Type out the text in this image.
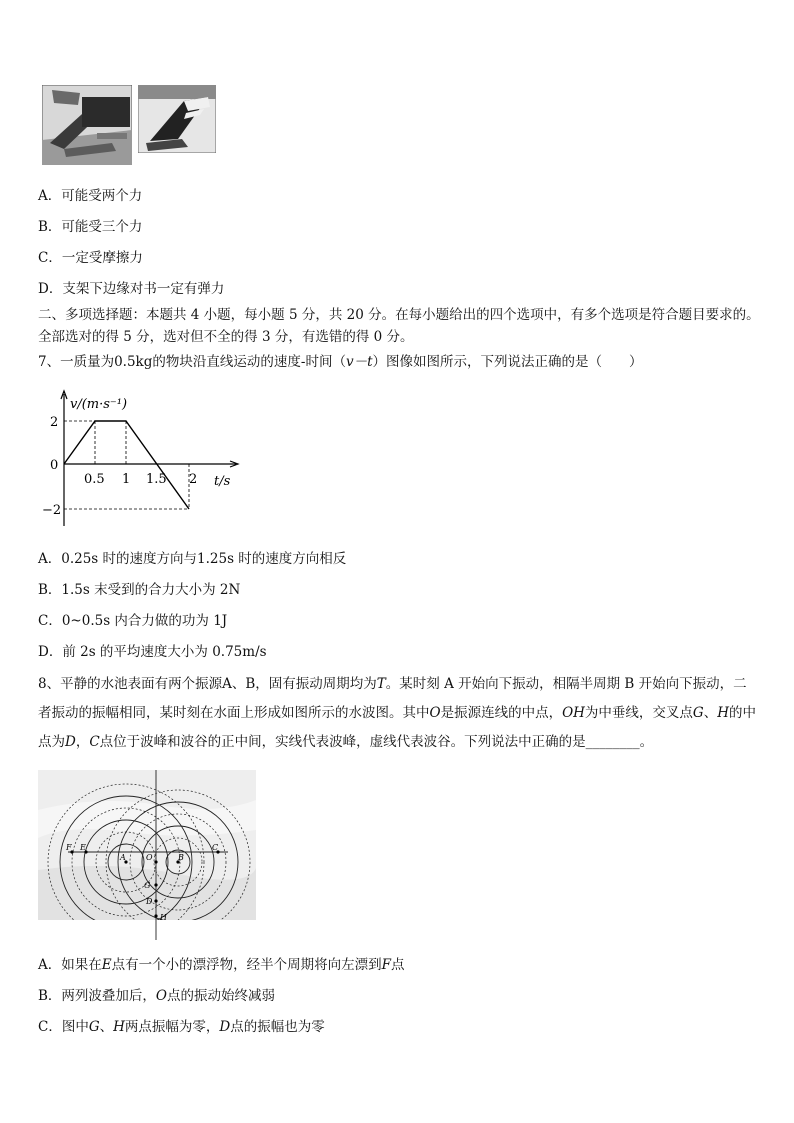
A．可能受两个力
B．可能受三个力
C．一定受摩擦力
D．支架下边缘对书一定有弹力
二、多项选择题：本题共 4 小题，每小题 5 分，共 20 分。在每小题给出的四个选项中，有多个选项是符合题目要求的。全部选对的得 5 分，选对但不全的得 3 分，有选错的得 0 分。
7、一质量为0.5kg的物块沿直线运动的速度-时间（v－t）图像如图所示，下列说法正确的是（　　）
v/(m·s⁻¹)
2
0
−2
0.5 1 1.5 2 t/s
A．0.25s 时的速度方向与1.25s 时的速度方向相反
B．1.5s 末受到的合力大小为 2N
C．0~0.5s 内合力做的功为 1J
D．前 2s 的平均速度大小为 0.75m/s
8、平静的水池表面有两个振源A、B，固有振动周期均为T。某时刻 A 开始向下振动，相隔半周期 B 开始向下振动，二者振动的振幅相同，某时刻在水面上形成如图所示的水波图。其中O是振源连线的中点，OH为中垂线，交叉点G、H的中点为D，C点位于波峰和波谷的正中间，实线代表波峰，虚线代表波谷。下列说法中正确的是________。
F E
A	O	B
C
G
D
H
A．如果在E点有一个小的漂浮物，经半个周期将向左漂到F点
B．两列波叠加后，O点的振动始终减弱
C．图中G、H两点振幅为零，D点的振幅也为零
